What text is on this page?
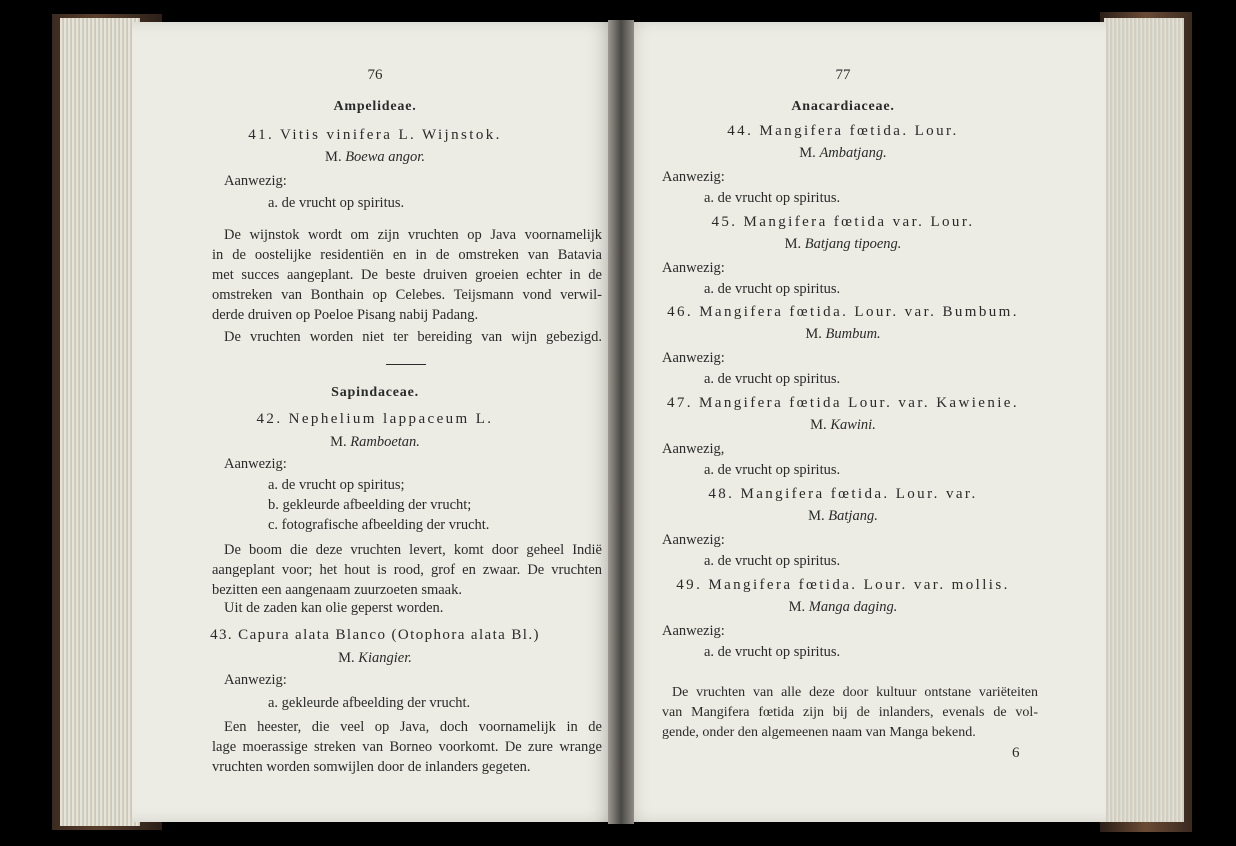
76
Ampelideae.
41. Vitis vinifera L. Wijnstok.
M. Boewa angor.
Aanwezig:
a. de vrucht op spiritus.
De wijnstok wordt om zijn vruchten op Java voornamelijk
in de oostelijke residentiën en in de omstreken van Batavia
met succes aangeplant. De beste druiven groeien echter in de
omstreken van Bonthain op Celebes. Teijsmann vond verwil-
derde druiven op Poeloe Pisang nabij Padang.
De vruchten worden niet ter bereiding van wijn gebezigd.
Sapindaceae.
42. Nephelium lappaceum L.
M. Ramboetan.
Aanwezig:
a. de vrucht op spiritus;
b. gekleurde afbeelding der vrucht;
c. fotografische afbeelding der vrucht.
De boom die deze vruchten levert, komt door geheel Indië
aangeplant voor; het hout is rood, grof en zwaar. De vruchten
bezitten een aangenaam zuurzoeten smaak.
Uit de zaden kan olie geperst worden.
43. Capura alata Blanco (Otophora alata Bl.)
M. Kiangier.
Aanwezig:
a. gekleurde afbeelding der vrucht.
Een heester, die veel op Java, doch voornamelijk in de
lage moerassige streken van Borneo voorkomt. De zure wrange
vruchten worden somwijlen door de inlanders gegeten.
77
Anacardiaceae.
44. Mangifera fœtida. Lour.
M. Ambatjang.
Aanwezig:
a. de vrucht op spiritus.
45. Mangifera fœtida var. Lour.
M. Batjang tipoeng.
Aanwezig:
a. de vrucht op spiritus.
46. Mangifera fœtida. Lour. var. Bumbum.
M. Bumbum.
Aanwezig:
a. de vrucht op spiritus.
47. Mangifera fœtida Lour. var. Kawienie.
M. Kawini.
Aanwezig,
a. de vrucht op spiritus.
48. Mangifera fœtida. Lour. var.
M. Batjang.
Aanwezig:
a. de vrucht op spiritus.
49. Mangifera fœtida. Lour. var. mollis.
M. Manga daging.
Aanwezig:
a. de vrucht op spiritus.
De vruchten van alle deze door kultuur ontstane variëteiten
van Mangifera fœtida zijn bij de inlanders, evenals de vol-
gende, onder den algemeenen naam van Manga bekend.
6
